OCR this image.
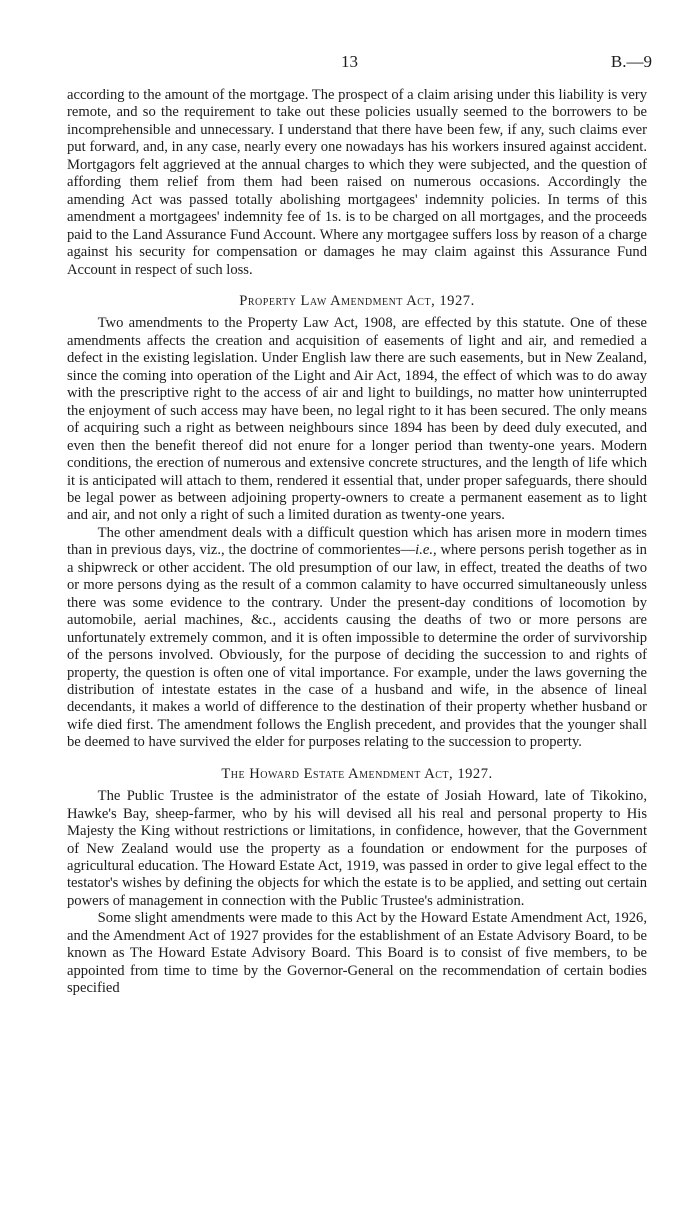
13	B.—9

according to the amount of the mortgage. The prospect of a claim arising under this liability is very remote, and so the requirement to take out these policies usually seemed to the borrowers to be incomprehensible and unnecessary. I understand that there have been few, if any, such claims ever put forward, and, in any case, nearly every one nowadays has his workers insured against accident. Mortgagors felt aggrieved at the annual charges to which they were subjected, and the question of affording them relief from them had been raised on numerous occasions. Accordingly the amending Act was passed totally abolishing mortgagees' indemnity policies. In terms of this amendment a mortgagees' indemnity fee of 1s. is to be charged on all mortgages, and the proceeds paid to the Land Assurance Fund Account. Where any mortgagee suffers loss by reason of a charge against his security for compensation or damages he may claim against this Assurance Fund Account in respect of such loss.

Property Law Amendment Act, 1927.

Two amendments to the Property Law Act, 1908, are effected by this statute. One of these amendments affects the creation and acquisition of easements of light and air, and remedied a defect in the existing legislation. Under English law there are such easements, but in New Zealand, since the coming into operation of the Light and Air Act, 1894, the effect of which was to do away with the prescriptive right to the access of air and light to buildings, no matter how uninterrupted the enjoyment of such access may have been, no legal right to it has been secured. The only means of acquiring such a right as between neighbours since 1894 has been by deed duly executed, and even then the benefit thereof did not enure for a longer period than twenty-one years. Modern conditions, the erection of numerous and extensive concrete structures, and the length of life which it is anticipated will attach to them, rendered it essential that, under proper safeguards, there should be legal power as between adjoining property-owners to create a permanent easement as to light and air, and not only a right of such a limited duration as twenty-one years.

The other amendment deals with a difficult question which has arisen more in modern times than in previous days, viz., the doctrine of commorientes—i.e., where persons perish together as in a shipwreck or other accident. The old presumption of our law, in effect, treated the deaths of two or more persons dying as the result of a common calamity to have occurred simultaneously unless there was some evidence to the contrary. Under the present-day conditions of locomotion by automobile, aerial machines, &c., accidents causing the deaths of two or more persons are unfortunately extremely common, and it is often impossible to determine the order of survivorship of the persons involved. Obviously, for the purpose of deciding the succession to and rights of property, the question is often one of vital importance. For example, under the laws governing the distribution of intestate estates in the case of a husband and wife, in the absence of lineal decendants, it makes a world of difference to the destination of their property whether husband or wife died first. The amendment follows the English precedent, and provides that the younger shall be deemed to have survived the elder for purposes relating to the succession to property.

The Howard Estate Amendment Act, 1927.

The Public Trustee is the administrator of the estate of Josiah Howard, late of Tikokino, Hawke's Bay, sheep-farmer, who by his will devised all his real and personal property to His Majesty the King without restrictions or limitations, in confidence, however, that the Government of New Zealand would use the property as a foundation or endowment for the purposes of agricultural education. The Howard Estate Act, 1919, was passed in order to give legal effect to the testator's wishes by defining the objects for which the estate is to be applied, and setting out certain powers of management in connection with the Public Trustee's administration.

Some slight amendments were made to this Act by the Howard Estate Amendment Act, 1926, and the Amendment Act of 1927 provides for the establishment of an Estate Advisory Board, to be known as The Howard Estate Advisory Board. This Board is to consist of five members, to be appointed from time to time by the Governor-General on the recommendation of certain bodies specified
